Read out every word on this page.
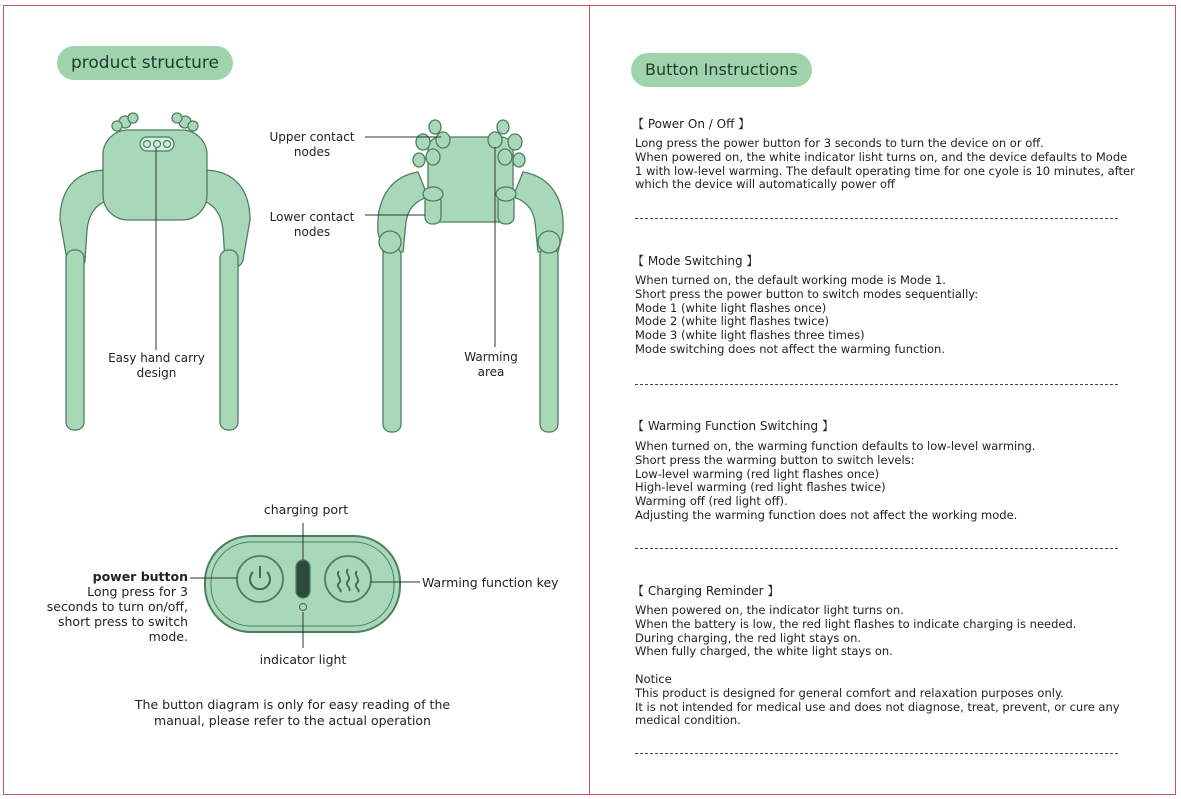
product structure
Upper contact
nodes
Lower contact
nodes
Easy hand carry
design
Warming
area
charging port
power button
Long press for 3
seconds to turn on/off,
short press to switch
mode.
Warming function key
indicator light
The button diagram is only for easy reading of the
manual, please refer to the actual operation
Button Instructions
【 Power On / Off 】
Long press the power button for 3 seconds to turn the device on or off.
When powered on, the white indicator lisht turns on, and the device defaults to Mode
1 with low-level warming. The default operating time for one cyole is 10 minutes, after
which the device will automatically power off
【 Mode Switching 】
When turned on, the default working mode is Mode 1.
Short press the power button to switch modes sequentially:
Mode 1 (white light flashes once)
Mode 2 (white light flashes twice)
Mode 3 (white light flashes three times)
Mode switching does not affect the warming function.
【 Warming Function Switching 】
When turned on, the warming function defaults to low-level warming.
Short press the warming button to switch levels:
Low-level warming (red light flashes once)
High-level warming (red light flashes twice)
Warming off (red light off).
Adjusting the warming function does not affect the working mode.
【 Charging Reminder 】
When powered on, the indicator light turns on.
When the battery is low, the red light flashes to indicate charging is needed.
During charging, the red light stays on.
When fully charged, the white light stays on.
Notice
This product is designed for general comfort and relaxation purposes only.
It is not intended for medical use and does not diagnose, treat, prevent, or cure any
medical condition.
